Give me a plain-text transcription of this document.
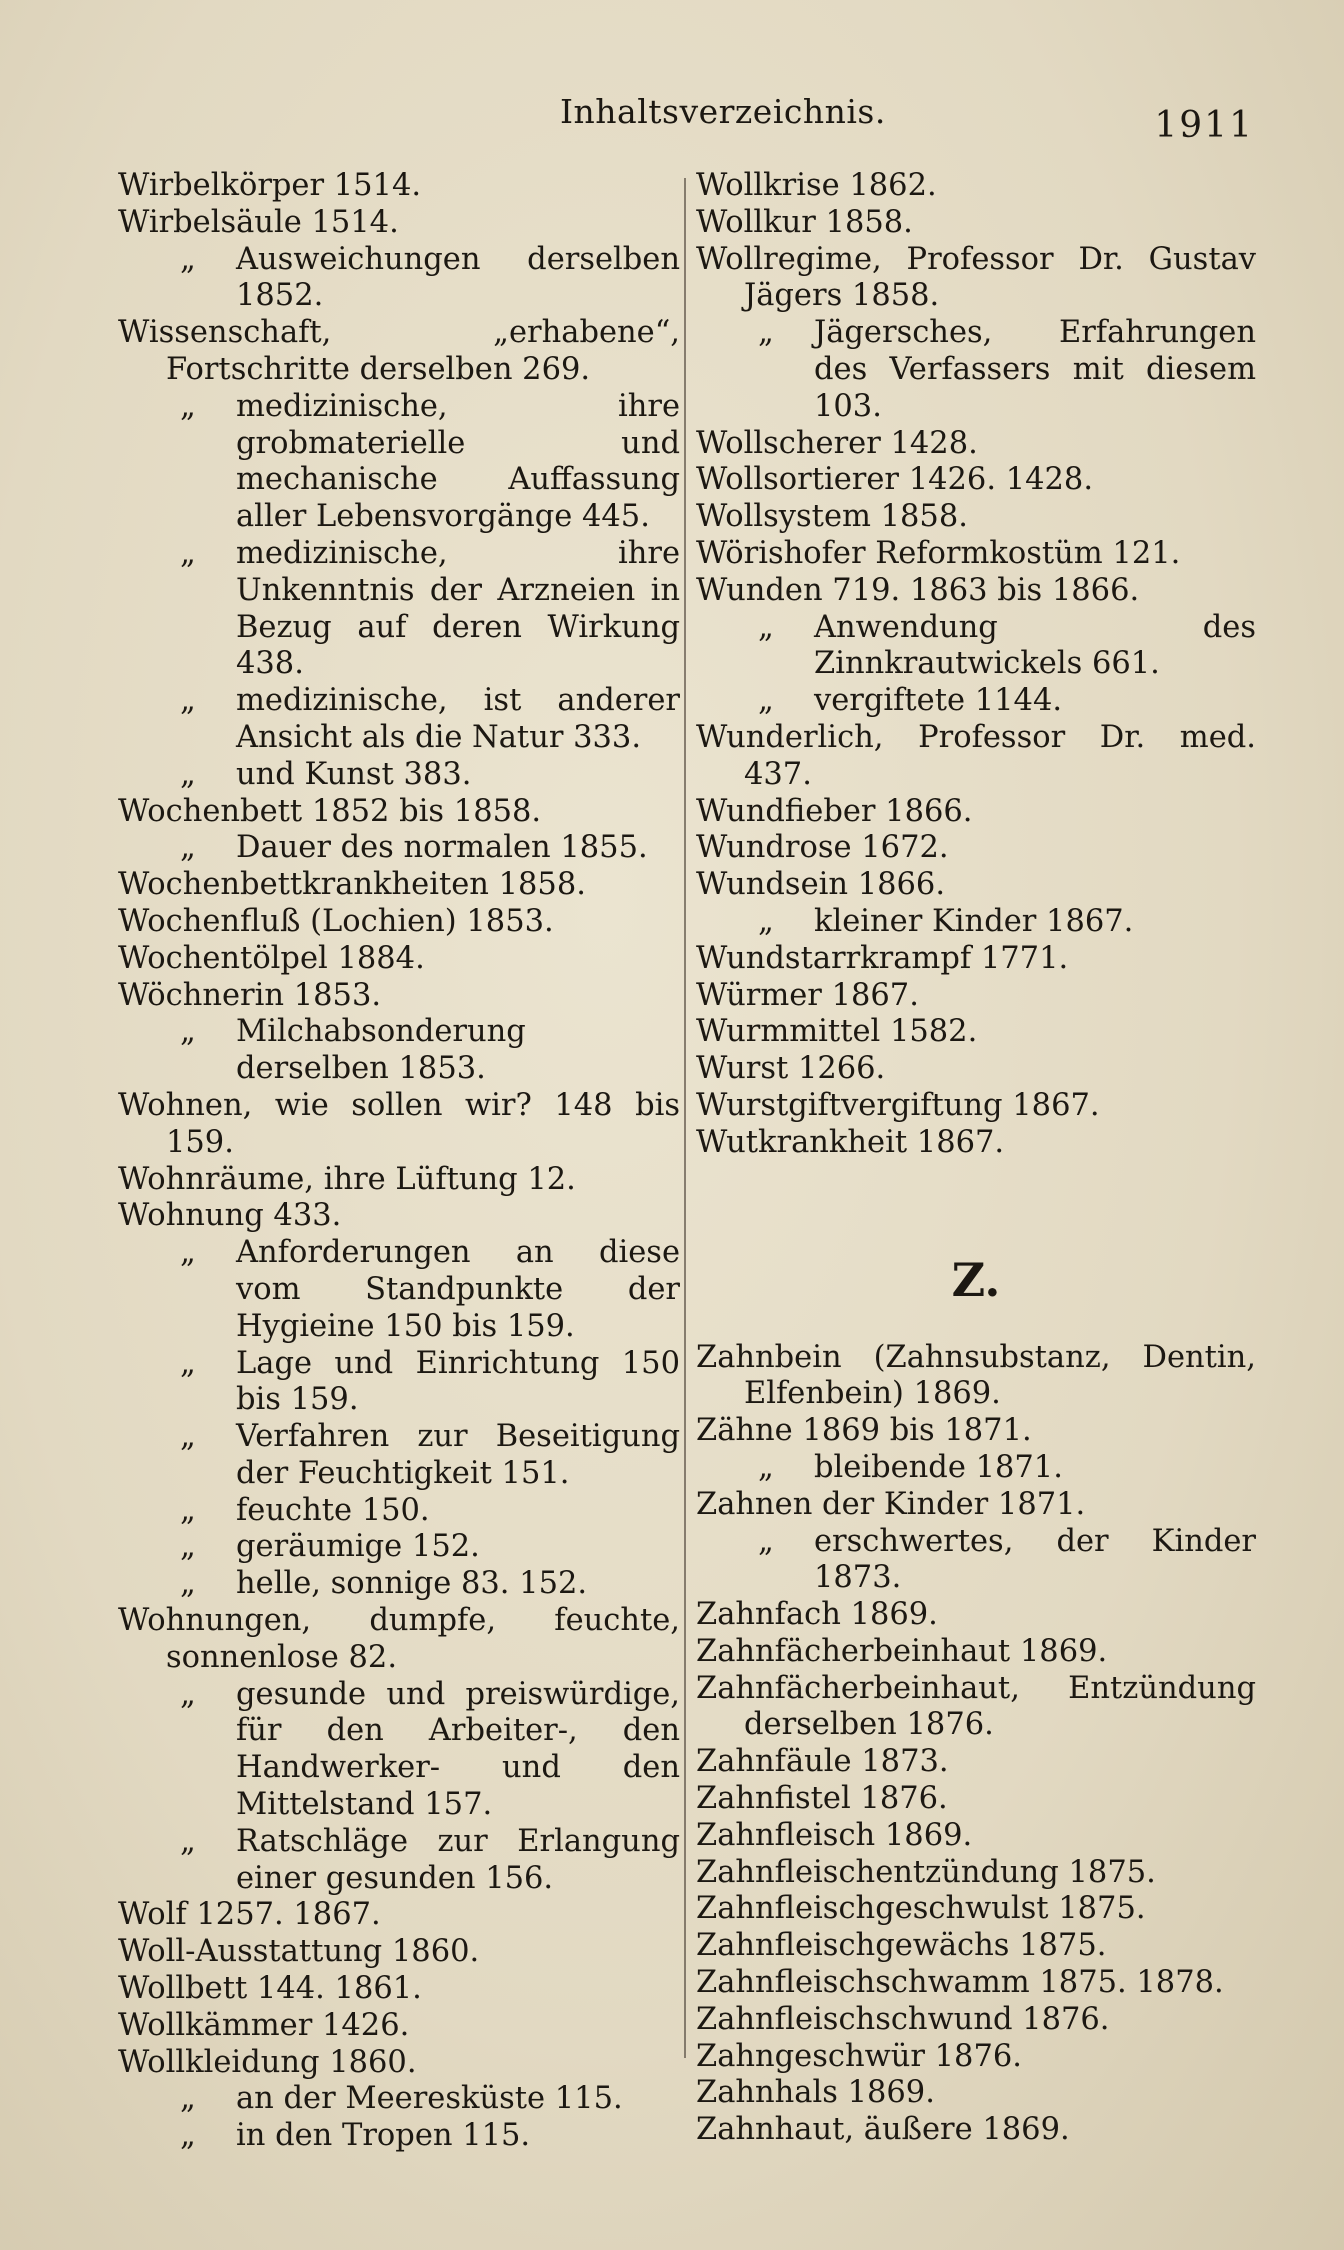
Inhaltsverzeichnis.	1911
Wirbelkörper 1514.
Wirbelsäule 1514.
„ Ausweichungen derselben 1852.
Wissenschaft, „erhabene“, Fortschritte derselben 269.
„ medizinische, ihre grobmaterielle und mechanische Auffassung aller Lebensvorgänge 445.
„ medizinische, ihre Unkenntnis der Arzneien in Bezug auf deren Wirkung 438.
„ medizinische, ist anderer Ansicht als die Natur 333.
„ und Kunst 383.
Wochenbett 1852 bis 1858.
„ Dauer des normalen 1855.
Wochenbettkrankheiten 1858.
Wochenfluß (Lochien) 1853.
Wochentölpel 1884.
Wöchnerin 1853.
„ Milchabsonderung derselben 1853.
Wohnen, wie sollen wir? 148 bis 159.
Wohnräume, ihre Lüftung 12.
Wohnung 433.
„ Anforderungen an diese vom Standpunkte der Hygieine 150 bis 159.
„ Lage und Einrichtung 150 bis 159.
„ Verfahren zur Beseitigung der Feuchtigkeit 151.
„ feuchte 150.
„ geräumige 152.
„ helle, sonnige 83. 152.
Wohnungen, dumpfe, feuchte, sonnenlose 82.
„ gesunde und preiswürdige, für den Arbeiter-, den Handwerker- und den Mittelstand 157.
„ Ratschläge zur Erlangung einer gesunden 156.
Wolf 1257. 1867.
Woll-Ausstattung 1860.
Wollbett 144. 1861.
Wollkämmer 1426.
Wollkleidung 1860.
„ an der Meeresküste 115.
„ in den Tropen 115.
Wollkrise 1862.
Wollkur 1858.
Wollregime, Professor Dr. Gustav Jägers 1858.
„ Jägersches, Erfahrungen des Verfassers mit diesem 103.
Wollscherer 1428.
Wollsortierer 1426. 1428.
Wollsystem 1858.
Wörishofer Reformkostüm 121.
Wunden 719. 1863 bis 1866.
„ Anwendung des Zinnkrautwickels 661.
„ vergiftete 1144.
Wunderlich, Professor Dr. med. 437.
Wundfieber 1866.
Wundrose 1672.
Wundsein 1866.
„ kleiner Kinder 1867.
Wundstarrkrampf 1771.
Würmer 1867.
Wurmmittel 1582.
Wurst 1266.
Wurstgiftvergiftung 1867.
Wutkrankheit 1867.
Z.
Zahnbein (Zahnsubstanz, Dentin, Elfenbein) 1869.
Zähne 1869 bis 1871.
„ bleibende 1871.
Zahnen der Kinder 1871.
„ erschwertes, der Kinder 1873.
Zahnfach 1869.
Zahnfächerbeinhaut 1869.
Zahnfächerbeinhaut, Entzündung derselben 1876.
Zahnfäule 1873.
Zahnfistel 1876.
Zahnfleisch 1869.
Zahnfleischentzündung 1875.
Zahnfleischgeschwulst 1875.
Zahnfleischgewächs 1875.
Zahnfleischschwamm 1875. 1878.
Zahnfleischschwund 1876.
Zahngeschwür 1876.
Zahnhals 1869.
Zahnhaut, äußere 1869.
